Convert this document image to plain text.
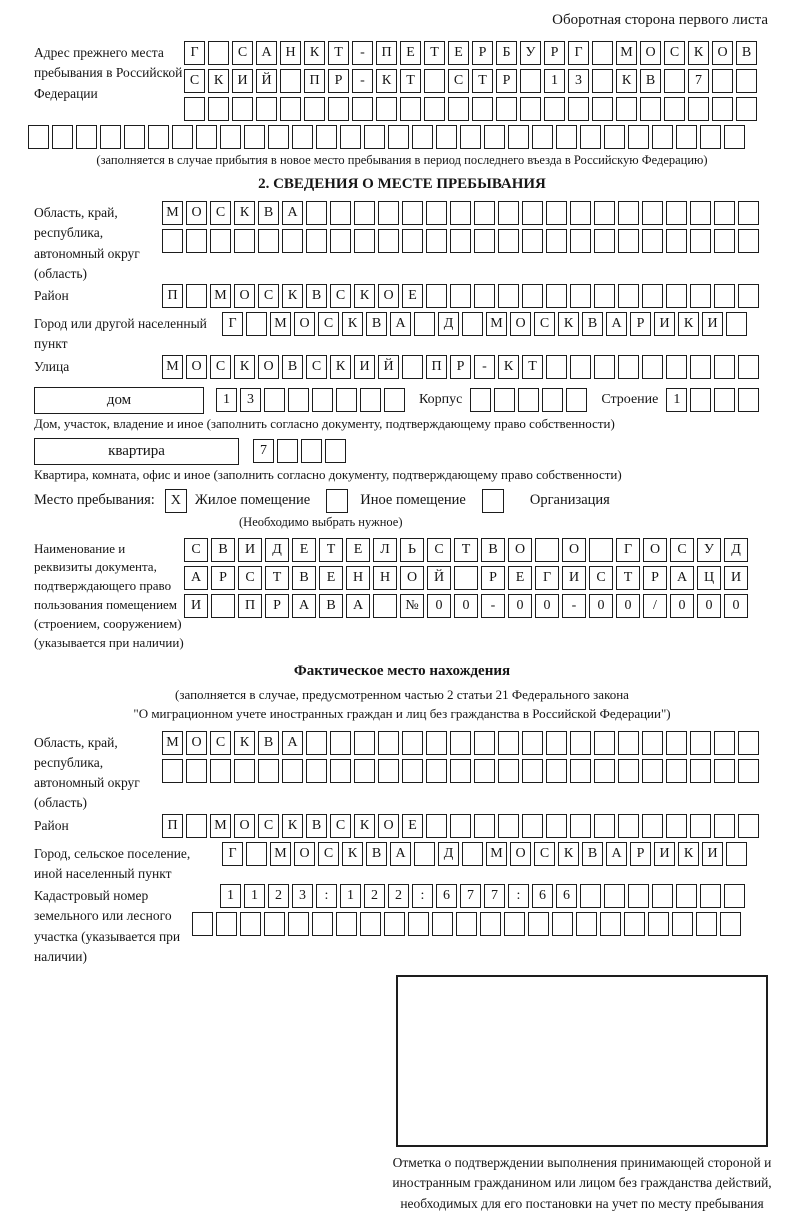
Оборотная сторона первого листа
Адрес прежнего места пребывания в Российской Федерации
Г	С	А Н	К	Т	-	П	Е	Т	Е	Р	Б	У	Р	Г	М О	С	К	О	В
С	К	И Й	П	Р	-	К	Т	С	Т	Р	1	3	К	В	7
(заполняется в случае прибытия в новое место пребывания в период последнего въезда в Российскую Федерацию)
2. СВЕДЕНИЯ О МЕСТЕ ПРЕБЫВАНИЯ
Область, край, республика, автономный округ (область)
М О	С	К	В	А
Район	П	М О	С	К	В	С	К	О	Е
Город или другой населенный пункт
Г	М О	С	К	В	А	Д	М О	С	К	В	А	Р	И	К	И
Улица	М О	С	К	О	В	С	К	И Й	П	Р	-	К	Т
дом	1	3	Корпус	Строение	1
Дом, участок, владение и иное (заполнить согласно документу, подтверждающему право собственности)
квартира	7
Квартира, комната, офис и иное (заполнить согласно документу, подтверждающему право собственности)
Место пребывания:	Х Жилое помещение	Иное помещение	Организация
(Необходимо выбрать нужное)
Наименование и реквизиты документа, подтверждающего право пользования помещением (строением, сооружением) (указывается при наличии)
С	В	И	Д	Е	Т	Е	Л	Ь	С	Т	В	О	О	Г	О	С	У	Д
А	Р	С	Т	В	Е	Н	Н	О	Й	Р	Е	Г	И	С	Т	Р	А	Ц	И
И	П	Р	А	В	А	№	0	0	-	0	0	-	0	0	/	0	0	0
Фактическое место нахождения
(заполняется в случае, предусмотренном частью 2 статьи 21 Федерального закона
"О миграционном учете иностранных граждан и лиц без гражданства в Российской Федерации")
Область, край, республика, автономный округ (область)
М О	С	К	В	А
Район	П	М О	С	К	В	С	К	О	Е
Город, сельское поселение, иной населенный пункт
Г	М О	С	К	В	А	Д	М О	С	К	В	А	Р	И	К	И
Кадастровый номер земельного или лесного участка (указывается при наличии)
1	1	2	3	:	1	2	2	:	6	7	7	:	6	6
Отметка о подтверждении выполнения принимающей стороной и иностранным гражданином или лицом без гражданства действий, необходимых для его постановки на учет по месту пребывания
